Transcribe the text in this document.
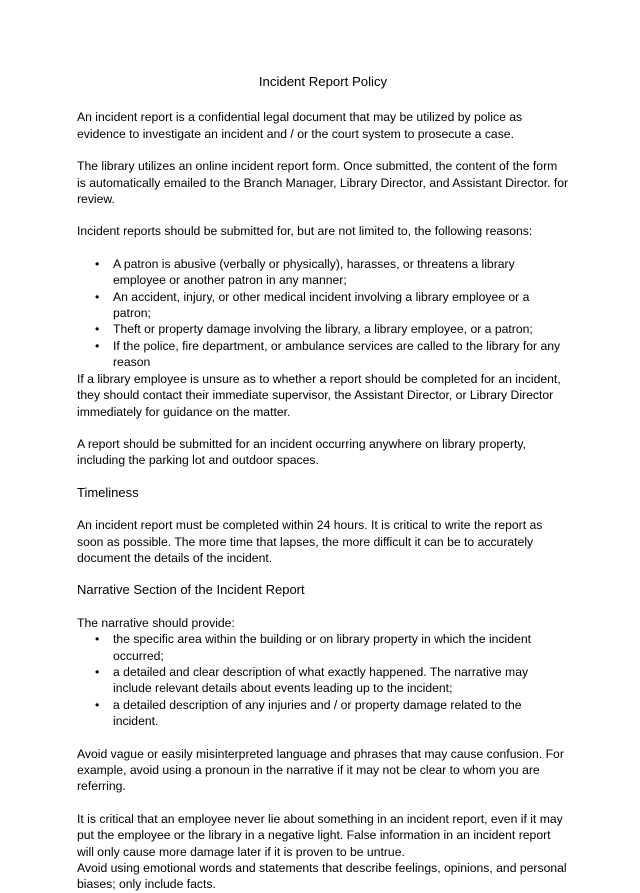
Incident Report Policy

An incident report is a confidential legal document that may be utilized by police as evidence to investigate an incident and / or the court system to prosecute a case.

The library utilizes an online incident report form. Once submitted, the content of the form is automatically emailed to the Branch Manager, Library Director, and Assistant Director. for review.

Incident reports should be submitted for, but are not limited to, the following reasons:

• A patron is abusive (verbally or physically), harasses, or threatens a library employee or another patron in any manner;
• An accident, injury, or other medical incident involving a library employee or a patron;
• Theft or property damage involving the library, a library employee, or a patron;
• If the police, fire department, or ambulance services are called to the library for any reason

If a library employee is unsure as to whether a report should be completed for an incident, they should contact their immediate supervisor, the Assistant Director, or Library Director immediately for guidance on the matter.

A report should be submitted for an incident occurring anywhere on library property, including the parking lot and outdoor spaces.

Timeliness

An incident report must be completed within 24 hours. It is critical to write the report as soon as possible. The more time that lapses, the more difficult it can be to accurately document the details of the incident.

Narrative Section of the Incident Report

The narrative should provide:

• the specific area within the building or on library property in which the incident occurred;
• a detailed and clear description of what exactly happened. The narrative may include relevant details about events leading up to the incident;
• a detailed description of any injuries and / or property damage related to the incident.

Avoid vague or easily misinterpreted language and phrases that may cause confusion. For example, avoid using a pronoun in the narrative if it may not be clear to whom you are referring.

It is critical that an employee never lie about something in an incident report, even if it may put the employee or the library in a negative light. False information in an incident report will only cause more damage later if it is proven to be untrue.

Avoid using emotional words and statements that describe feelings, opinions, and personal biases; only include facts.
